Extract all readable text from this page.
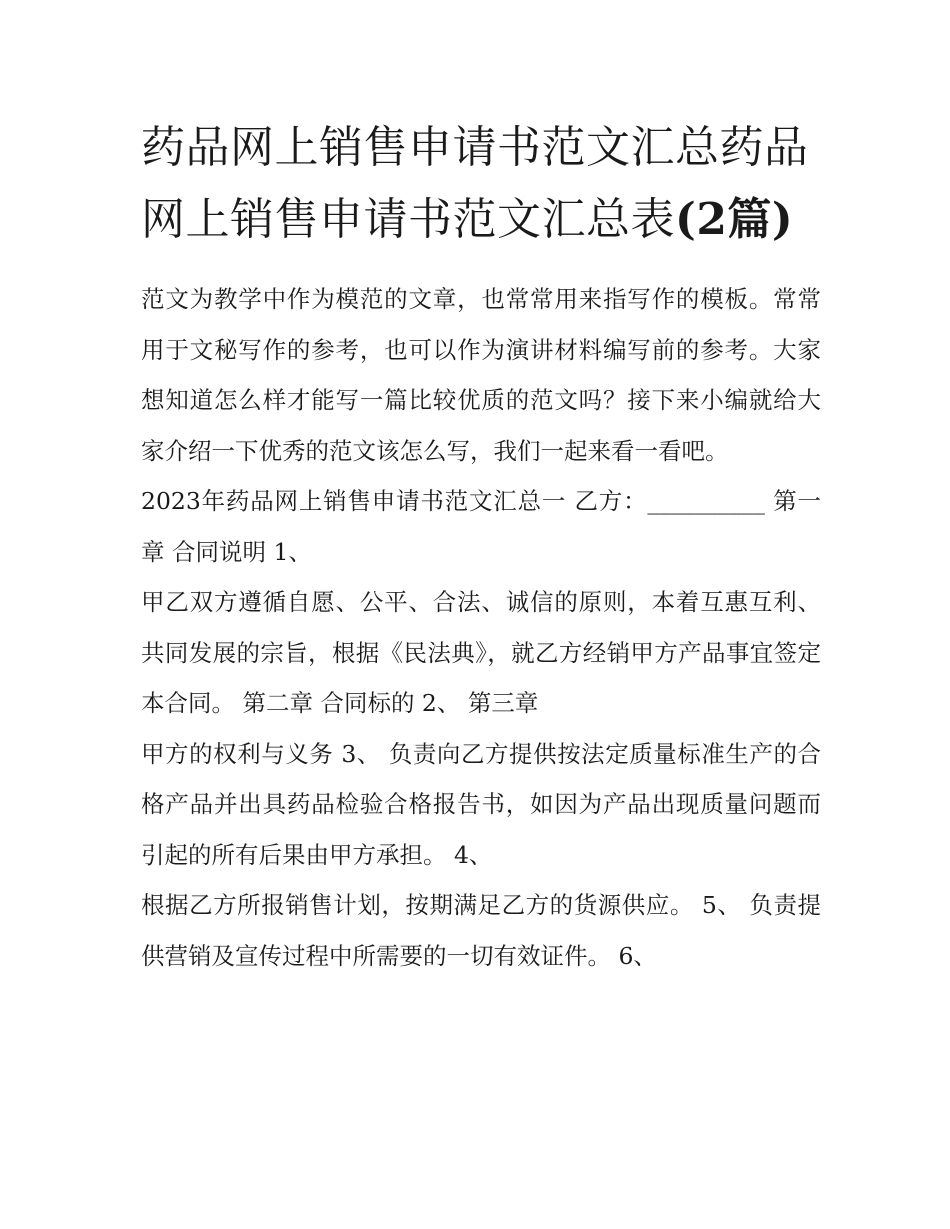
药品网上销售申请书范文汇总药品网上销售申请书范文汇总表(2篇)

范文为教学中作为模范的文章，也常常用来指写作的模板。常常用于文秘写作的参考，也可以作为演讲材料编写前的参考。大家想知道怎么样才能写一篇比较优质的范文吗？接下来小编就给大家介绍一下优秀的范文该怎么写，我们一起来看一看吧。

2023年药品网上销售申请书范文汇总一 乙方：__________ 第一章 合同说明 1、

甲乙双方遵循自愿、公平、合法、诚信的原则，本着互惠互利、共同发展的宗旨，根据《民法典》，就乙方经销甲方产品事宜签定本合同。 第二章 合同标的 2、 第三章

甲方的权利与义务 3、 负责向乙方提供按法定质量标准生产的合格产品并出具药品检验合格报告书，如因为产品出现质量问题而引起的所有后果由甲方承担。 4、

根据乙方所报销售计划，按期满足乙方的货源供应。 5、 负责提供营销及宣传过程中所需要的一切有效证件。 6、
